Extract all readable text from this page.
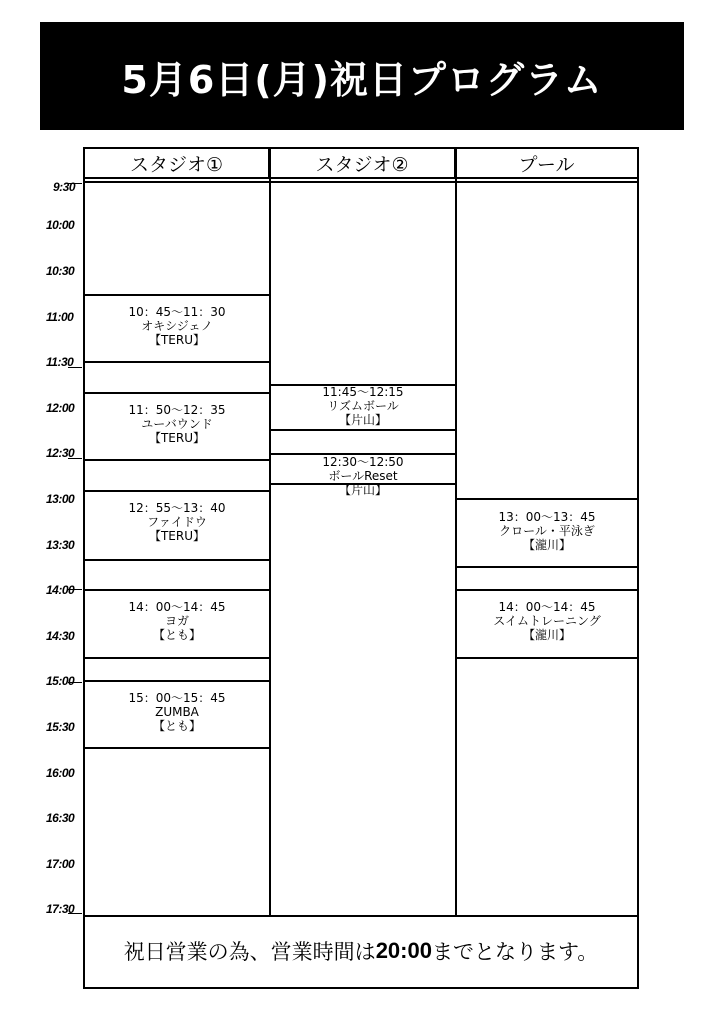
5月6日(月)祝日プログラム
9:30
10:00
10:30
11:00
11:30
12:00
12:30
13:00
13:30
14:00
14:30
15:00
15:30
16:00
16:30
17:00
17:30
スタジオ①	スタジオ②	プール
10：45～11：30
オキシジェノ
【TERU】
11：50～12：35
ユーバウンド
【TERU】
12：55～13：40
ファイドウ
【TERU】
14：00～14：45
ヨガ
【とも】
15：00～15：45
ZUMBA
【とも】
11:45～12:15
リズムボール
【片山】
12:30～12:50
ボールReset
【片山】
13：00～13：45
クロール・平泳ぎ
【瀧川】
14：00～14：45
スイムトレーニング
【瀧川】
祝日営業の為、営業時間は 20:00 までとなります。
